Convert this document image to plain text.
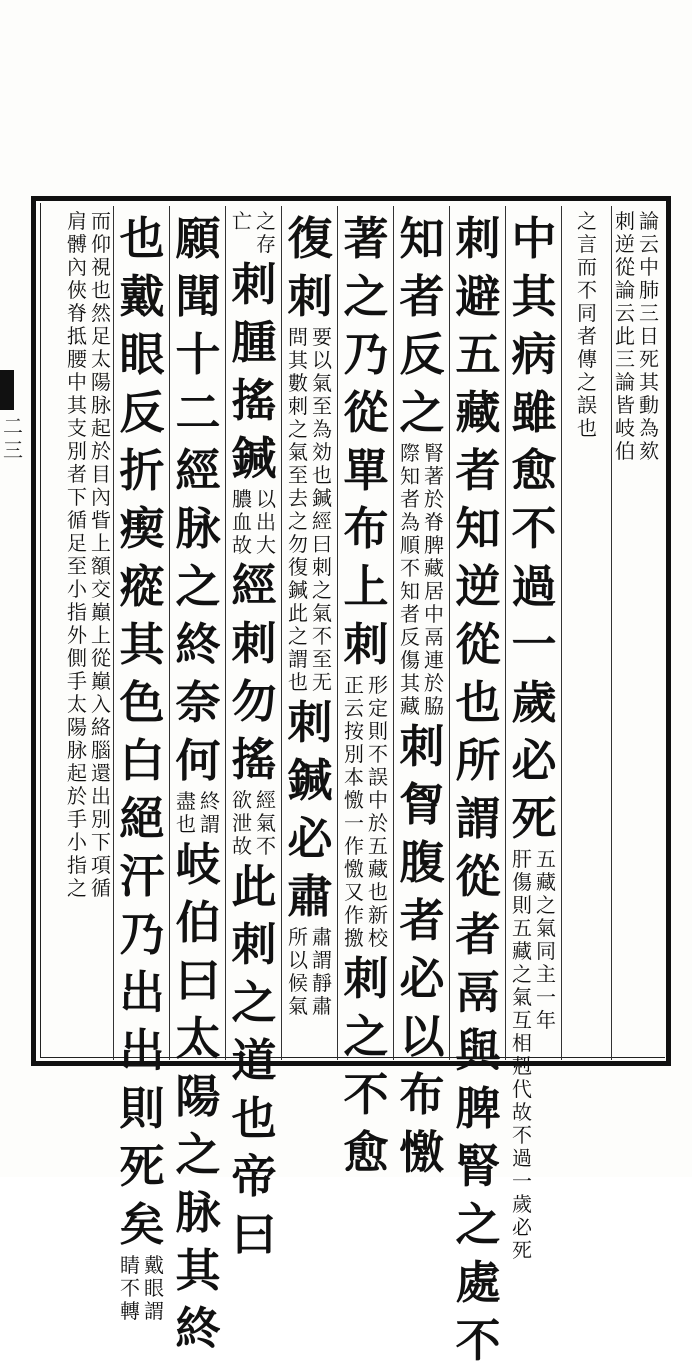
二三
論云中肺三日死其動為欬
刺逆從論云此三論皆岐伯
之言而不同者傳之誤也
中其病雖愈不過一歲必死
五藏之氣同主一年
肝傷則五藏之氣互相剋代故不過一歲必死
刺避五藏者知逆從也所謂從者鬲與脾腎之處不
知者反之
腎著於脊脾藏居中鬲連於脇
際知者為順不知者反傷其藏
刺胷腹者必以布憿
著之乃從單布上刺
形定則不誤中於五藏也新校
正云按別本憿一作憿又作撽
刺之不愈
復刺
要以氣至為効也鍼經曰刺之氣不至无
問其數刺之氣至去之勿復鍼此之謂也
刺鍼必肅
肅謂靜肅
所以候氣
之存
亡
刺腫搖鍼
以出大
膿血故
經刺勿搖
經氣不
欲泄故
此刺之道也帝曰
願聞十二經脉之終奈何
終謂
盡也
岐伯曰太陽之脉其終
也戴眼反折瘈瘲其色白絕汗乃出出則死矣
戴眼謂
睛不轉
而仰視也然足太陽脉起於目內眥上額交巔上從巔入絡腦還出別下項循
肩髆內俠脊抵腰中其支別者下循足至小指外側手太陽脉起於手小指之
